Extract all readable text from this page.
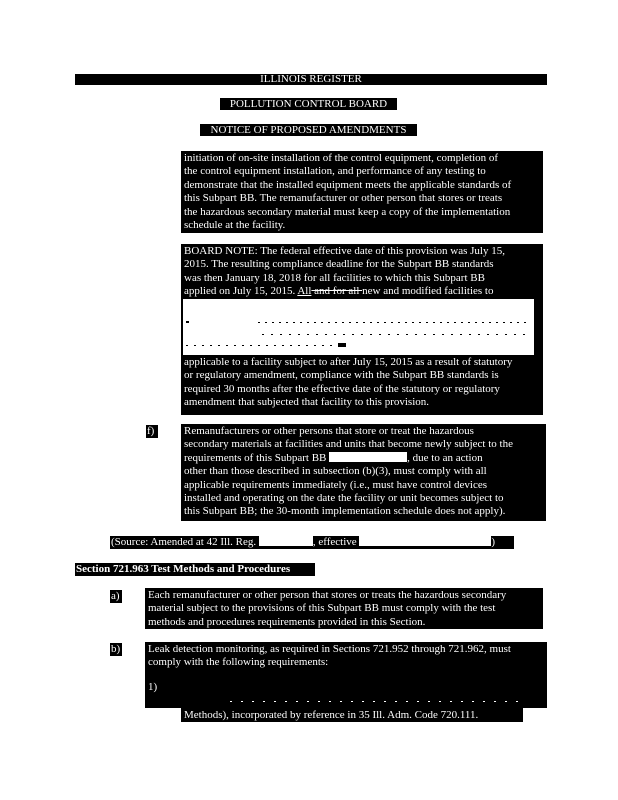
ILLINOIS REGISTER
POLLUTION CONTROL BOARD
NOTICE OF PROPOSED AMENDMENTS
initiation of on-site installation of the control equipment, completion of
the control equipment installation, and performance of any testing to
demonstrate that the installed equipment meets the applicable standards of
this Subpart BB. The remanufacturer or other person that stores or treats
the hazardous secondary material must keep a copy of the implementation
schedule at the facility.
BOARD NOTE: The federal effective date of this provision was July 15,
2015. The resulting compliance deadline for the Subpart BB standards
was then January 18, 2018 for all facilities to which this Subpart BB
applied on July 15, 2015. All and for all new and modified facilities to
applicable to a facility subject to after July 15, 2015 as a result of statutory
or regulatory amendment, compliance with the Subpart BB standards is
required 30 months after the effective date of the statutory or regulatory
amendment that subjected that facility to this provision.
f)	Remanufacturers or other persons that store or treat the hazardous
secondary materials at facilities and units that become newly subject to the
requirements of this Subpart BB	, due to an action
other than those described in subsection (b)(3), must comply with all
applicable requirements immediately (i.e., must have control devices
installed and operating on the date the facility or unit becomes subject to
this Subpart BB; the 30-month implementation schedule does not apply).
(Source: Amended at 42 Ill. Reg.	, effective	)
Section 721.963 Test Methods and Procedures
a)	Each remanufacturer or other person that stores or treats the hazardous secondary
material subject to the provisions of this Subpart BB must comply with the test
methods and procedures requirements provided in this Section.
b)	Leak detection monitoring, as required in Sections 721.952 through 721.962, must
comply with the following requirements:
1)
Methods), incorporated by reference in 35 Ill. Adm. Code 720.111.
